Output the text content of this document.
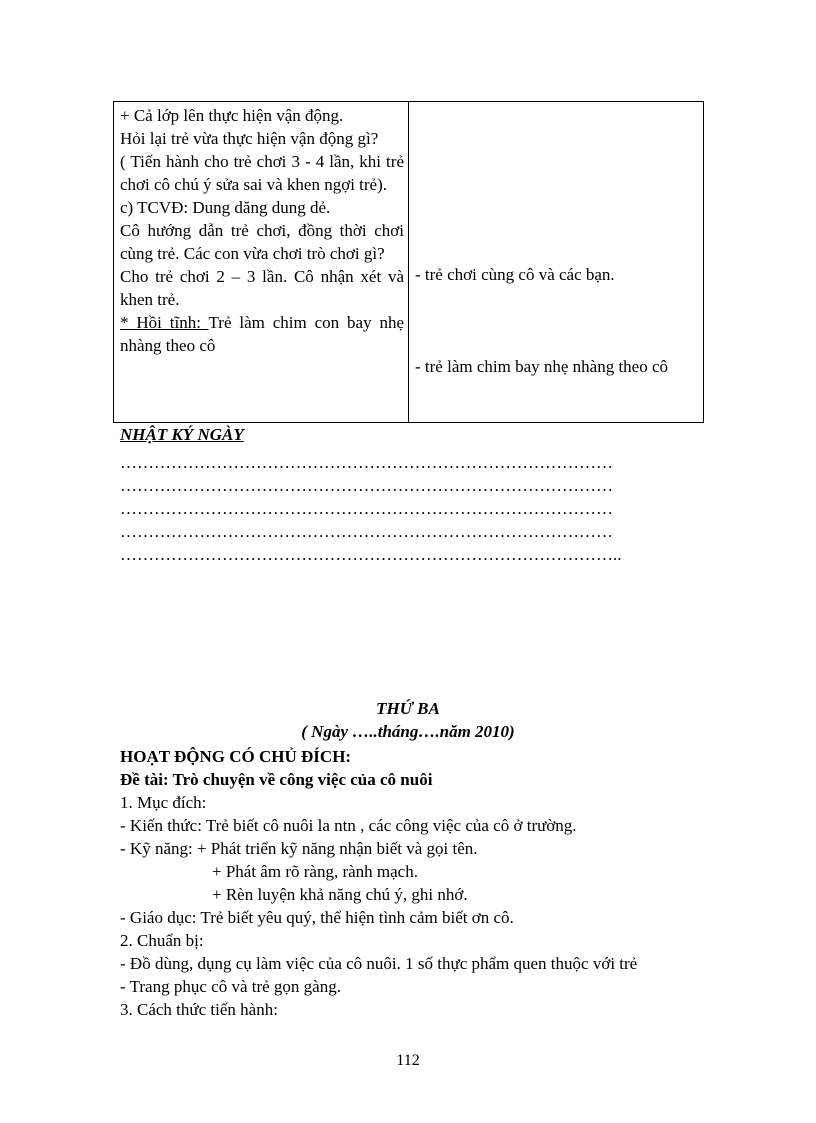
+ Cả lớp lên thực hiện vận động.
Hỏi lại trẻ vừa thực hiện vận động gì?
( Tiến hành cho trẻ chơi 3 - 4 lần, khi trẻ chơi cô chú ý sửa sai và khen ngợi trẻ).
c) TCVĐ: Dung dăng dung dẻ.
Cô hướng dẫn trẻ chơi, đồng thời chơi cùng trẻ. Các con vừa chơi trò chơi gì?
Cho trẻ chơi 2 – 3 lần. Cô nhận xét và khen trẻ.
* Hồi tĩnh: Trẻ làm chim con bay nhẹ nhàng theo cô
- trẻ chơi cùng cô và các bạn.
- trẻ làm chim bay nhẹ nhàng theo cô
NHẬT KÝ NGÀY
……………………………………………………………………………
……………………………………………………………………………
……………………………………………………………………………
……………………………………………………………………………
……………………………………………………………………………..
THỨ BA
( Ngày …..tháng….năm 2010)
HOẠT ĐỘNG CÓ CHỦ ĐÍCH:
Đề tài: Trò chuyện về công việc của cô nuôi
1. Mục đích:
- Kiến thức: Trẻ biết cô nuôi la ntn , các công việc của cô ở trường.
- Kỹ năng: + Phát triển kỹ năng nhận biết và gọi tên.
+ Phát âm rõ ràng, rành mạch.
+ Rèn luyện khả năng chú ý, ghi nhớ.
- Giáo dục: Trẻ biết yêu quý, thể hiện tình cảm biết ơn cô.
2. Chuẩn bị:
- Đồ dùng, dụng cụ làm việc của cô nuôi. 1 số thực phẩm quen thuộc với trẻ
- Trang phục cô và trẻ gọn gàng.
3. Cách thức tiến hành:
112
